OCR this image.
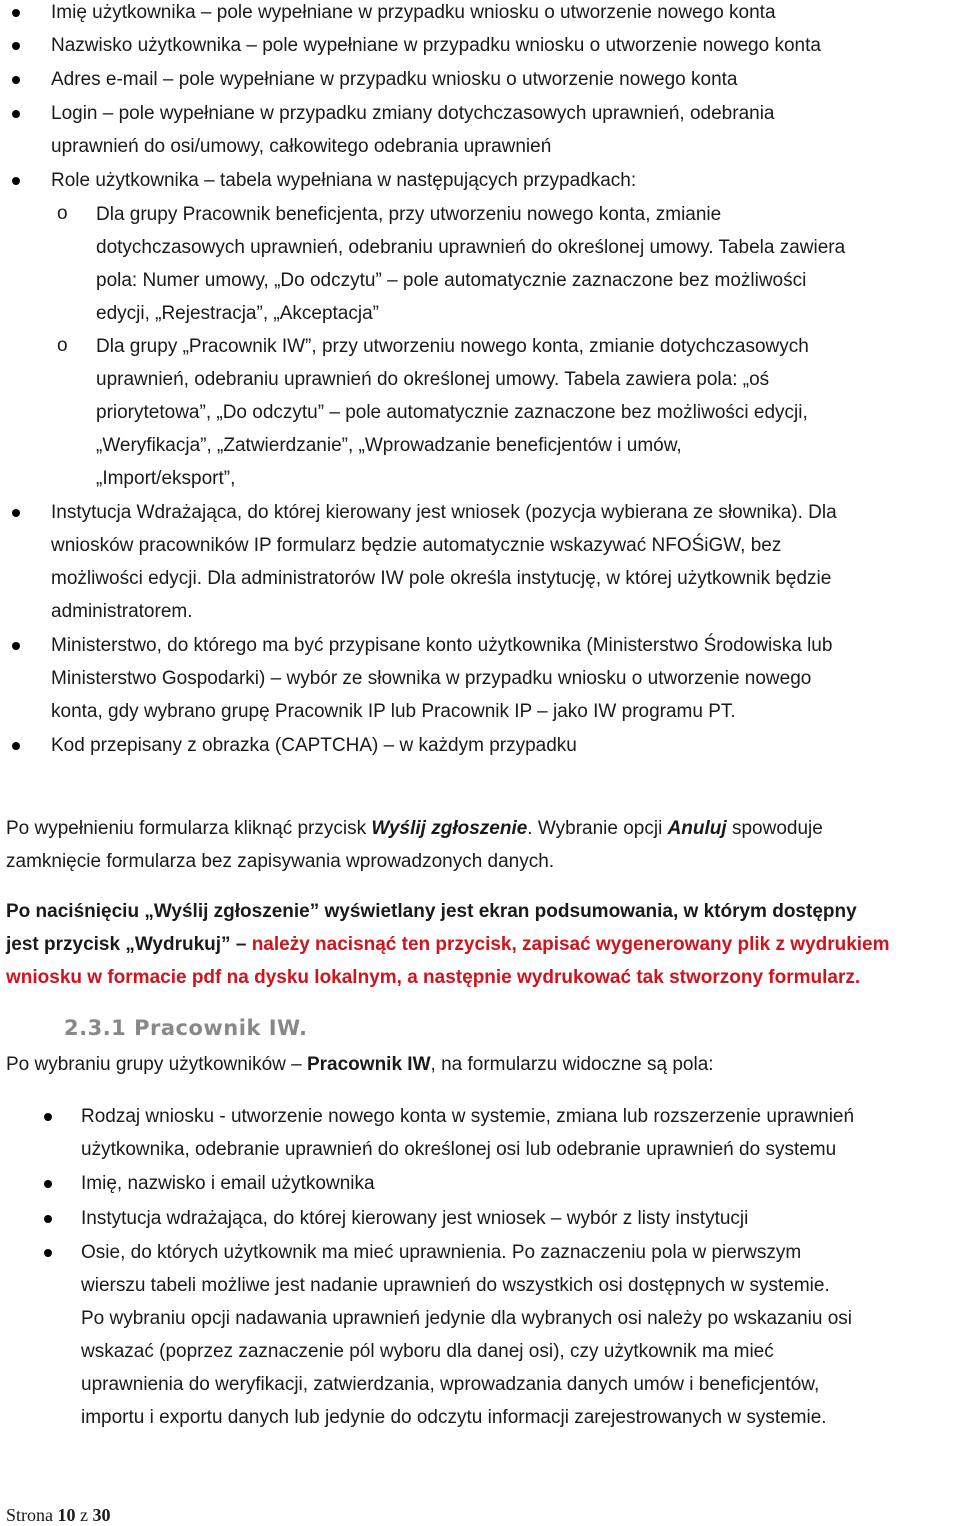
Imię użytkownika – pole wypełniane w przypadku wniosku o utworzenie nowego konta
Nazwisko użytkownika – pole wypełniane w przypadku wniosku o utworzenie nowego konta
Adres e-mail – pole wypełniane w przypadku wniosku o utworzenie nowego konta
Login – pole wypełniane w przypadku zmiany dotychczasowych uprawnień, odebrania
uprawnień do osi/umowy, całkowitego odebrania uprawnień
Role użytkownika – tabela wypełniana w następujących przypadkach:
o Dla grupy Pracownik beneficjenta, przy utworzeniu nowego konta, zmianie
dotychczasowych uprawnień, odebraniu uprawnień do określonej umowy. Tabela zawiera
pola: Numer umowy, „Do odczytu” – pole automatycznie zaznaczone bez możliwości
edycji, „Rejestracja”, „Akceptacja”
o Dla grupy „Pracownik IW”, przy utworzeniu nowego konta, zmianie dotychczasowych
uprawnień, odebraniu uprawnień do określonej umowy. Tabela zawiera pola: „oś
priorytetowa”, „Do odczytu” – pole automatycznie zaznaczone bez możliwości edycji,
„Weryfikacja”, „Zatwierdzanie”, „Wprowadzanie beneficjentów i umów,
„Import/eksport”,
Instytucja Wdrażająca, do której kierowany jest wniosek (pozycja wybierana ze słownika). Dla
wniosków pracowników IP formularz będzie automatycznie wskazywać NFOŚiGW, bez
możliwości edycji. Dla administratorów IW pole określa instytucję, w której użytkownik będzie
administratorem.
Ministerstwo, do którego ma być przypisane konto użytkownika (Ministerstwo Środowiska lub
Ministerstwo Gospodarki) – wybór ze słownika w przypadku wniosku o utworzenie nowego
konta, gdy wybrano grupę Pracownik IP lub Pracownik IP – jako IW programu PT.
Kod przepisany z obrazka (CAPTCHA) – w każdym przypadku
Po wypełnieniu formularza kliknąć przycisk Wyślij zgłoszenie. Wybranie opcji Anuluj spowoduje
zamknięcie formularza bez zapisywania wprowadzonych danych.
Po naciśnięciu „Wyślij zgłoszenie” wyświetlany jest ekran podsumowania, w którym dostępny
jest przycisk „Wydrukuj” – należy nacisnąć ten przycisk, zapisać wygenerowany plik z wydrukiem
wniosku w formacie pdf na dysku lokalnym, a następnie wydrukować tak stworzony formularz.
2.3.1 Pracownik IW.
Po wybraniu grupy użytkowników – Pracownik IW, na formularzu widoczne są pola:
Rodzaj wniosku - utworzenie nowego konta w systemie, zmiana lub rozszerzenie uprawnień
użytkownika, odebranie uprawnień do określonej osi lub odebranie uprawnień do systemu
Imię, nazwisko i email użytkownika
Instytucja wdrażająca, do której kierowany jest wniosek – wybór z listy instytucji
Osie, do których użytkownik ma mieć uprawnienia. Po zaznaczeniu pola w pierwszym
wierszu tabeli możliwe jest nadanie uprawnień do wszystkich osi dostępnych w systemie.
Po wybraniu opcji nadawania uprawnień jedynie dla wybranych osi należy po wskazaniu osi
wskazać (poprzez zaznaczenie pól wyboru dla danej osi), czy użytkownik ma mieć
uprawnienia do weryfikacji, zatwierdzania, wprowadzania danych umów i beneficjentów,
importu i exportu danych lub jedynie do odczytu informacji zarejestrowanych w systemie.
Strona 10 z 30
